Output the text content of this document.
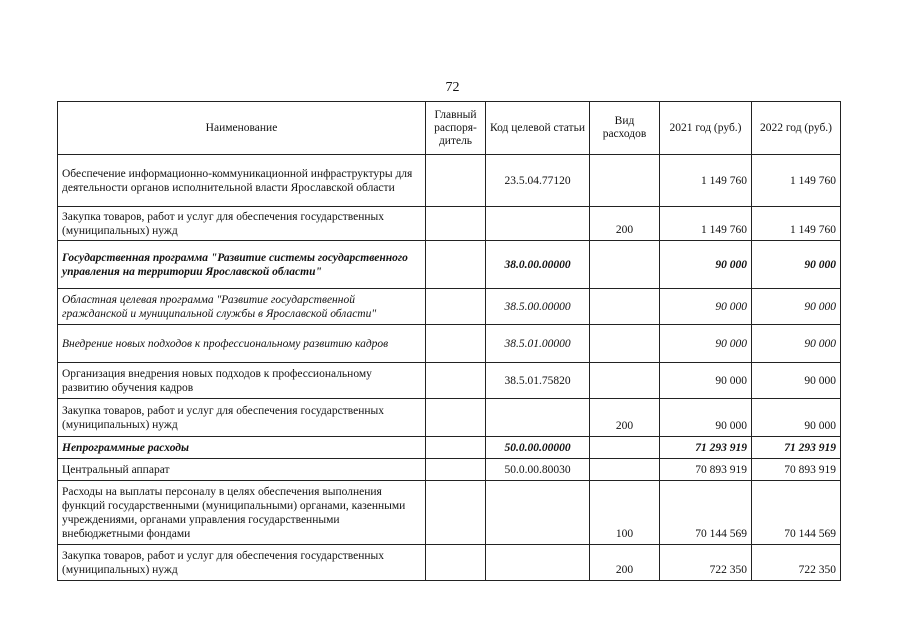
72
Наименование	Главный распоря-дитель	Код целевой статьи	Вид расходов	2021 год (руб.)	2022 год (руб.)
Обеспечение информационно-коммуникационной инфраструктуры для деятельности органов исполнительной власти Ярославской области		23.5.04.77120		1 149 760	1 149 760
Закупка товаров, работ и услуг для обеспечения государственных (муниципальных) нужд			200	1 149 760	1 149 760
Государственная программа "Развитие системы государственного управления на территории Ярославской области"		38.0.00.00000		90 000	90 000
Областная целевая программа "Развитие государственной гражданской и муниципальной службы в Ярославской области"		38.5.00.00000		90 000	90 000
Внедрение новых подходов к профессиональному развитию кадров		38.5.01.00000		90 000	90 000
Организация внедрения новых подходов к профессиональному развитию обучения кадров		38.5.01.75820		90 000	90 000
Закупка товаров, работ и услуг для обеспечения государственных (муниципальных) нужд			200	90 000	90 000
Непрограммные расходы		50.0.00.00000		71 293 919	71 293 919
Центральный аппарат		50.0.00.80030		70 893 919	70 893 919
Расходы на выплаты персоналу в целях обеспечения выполнения функций государственными (муниципальными) органами, казенными учреждениями, органами управления государственными внебюджетными фондами			100	70 144 569	70 144 569
Закупка товаров, работ и услуг для обеспечения государственных (муниципальных) нужд			200	722 350	722 350
